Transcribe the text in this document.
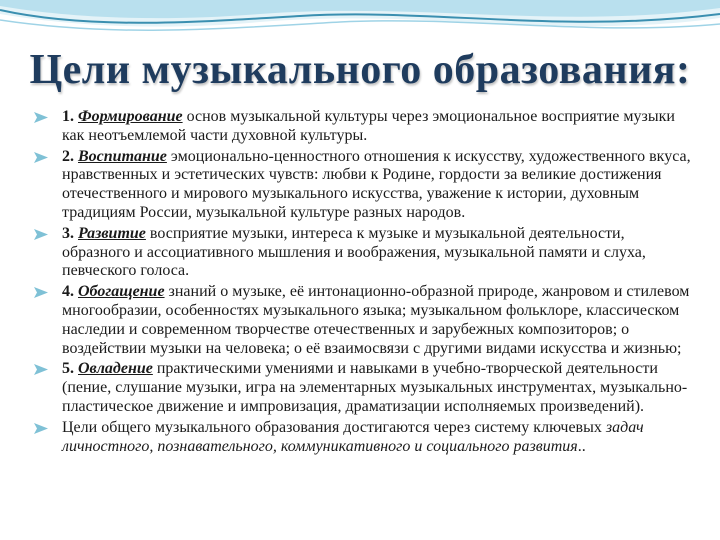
Цели музыкального образования:
1. Формирование основ музыкальной культуры через эмоциональное восприятие музыки как неотъемлемой части духовной культуры.
2. Воспитание эмоционально-ценностного отношения к искусству, художественного вкуса, нравственных и эстетических чувств: любви к Родине, гордости за великие достижения отечественного и мирового музыкального искусства, уважение к истории, духовным традициям России, музыкальной культуре разных народов.
3. Развитие восприятие музыки, интереса к музыке и музыкальной деятельности, образного и ассоциативного мышления и воображения, музыкальной памяти и слуха, певческого голоса.
4. Обогащение знаний о музыке, её интонационно-образной природе, жанровом и стилевом многообразии, особенностях музыкального языка; музыкальном фольклоре, классическом наследии и современном творчестве отечественных и зарубежных композиторов; о воздействии музыки на человека; о её взаимосвязи с другими видами искусства и жизнью;
5. Овладение практическими умениями и навыками в учебно-творческой деятельности (пение, слушание музыки, игра на элементарных музыкальных инструментах, музыкально-пластическое движение и импровизация, драматизации исполняемых произведений).
Цели общего музыкального образования достигаются через систему ключевых задач личностного, познавательного, коммуникативного и социального развития..
